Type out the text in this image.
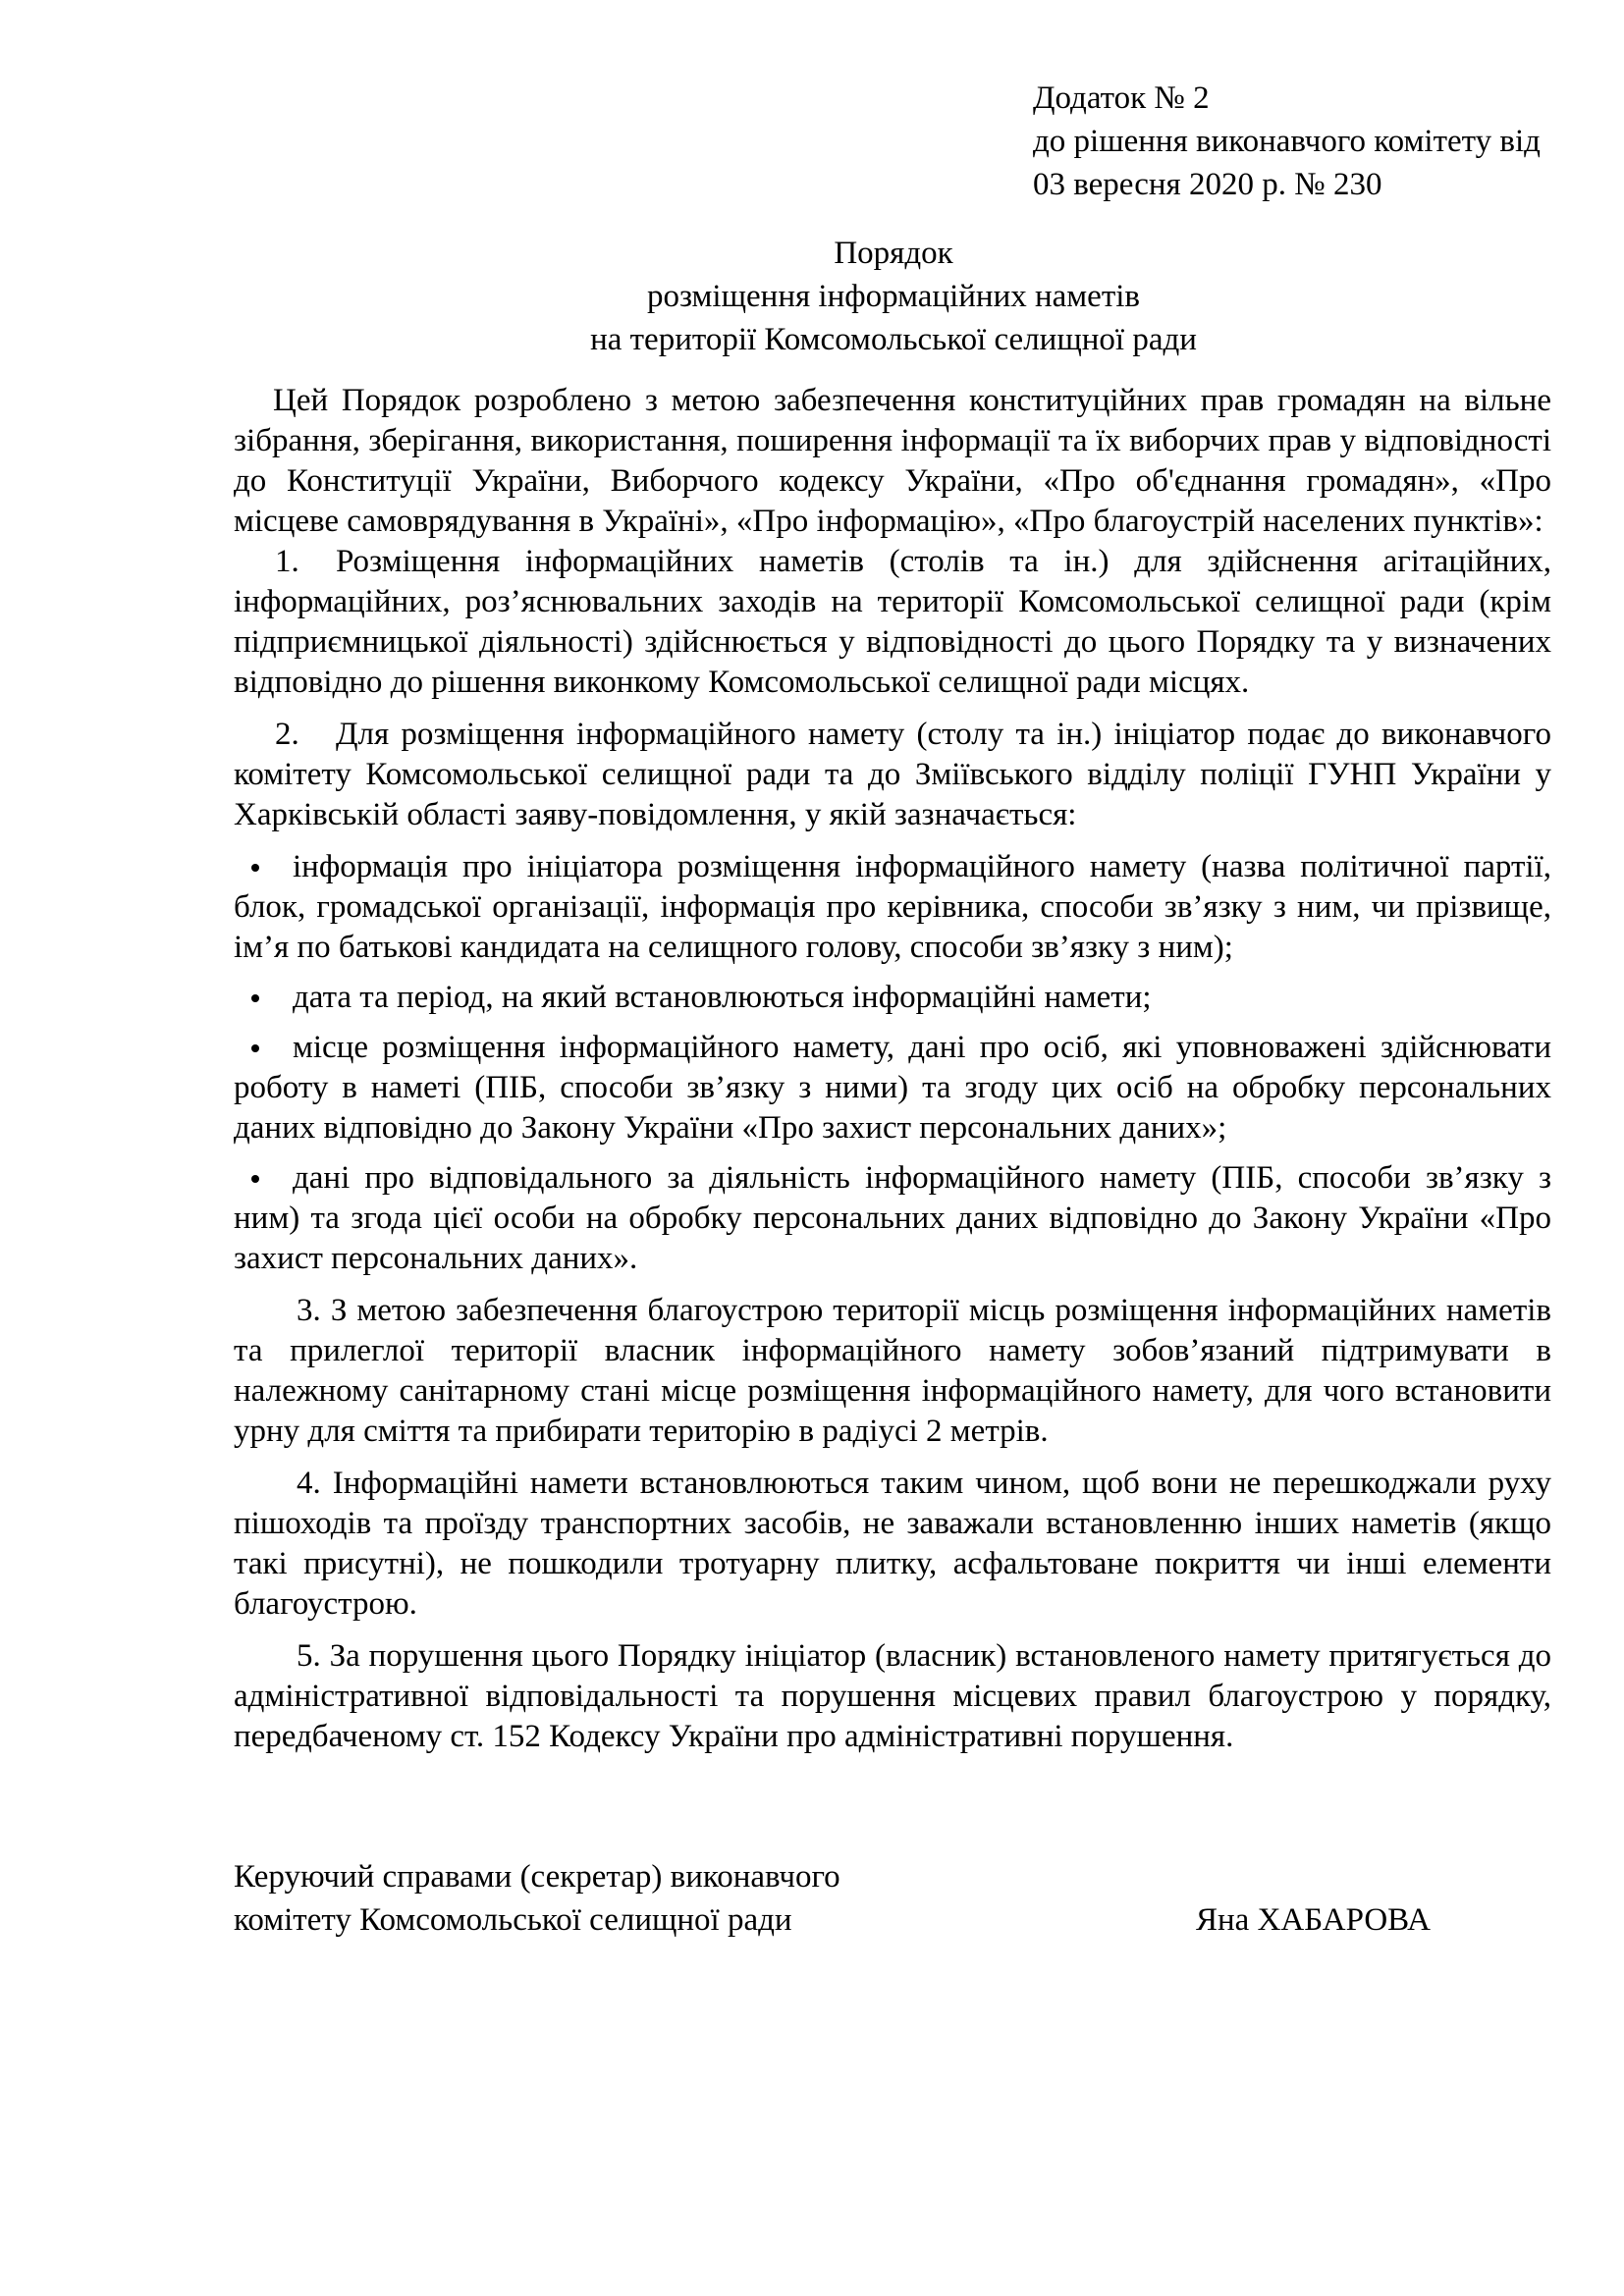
Додаток № 2
до рішення виконавчого комітету від
03 вересня 2020 р. № 230
Порядок
розміщення інформаційних наметів
на території Комсомольської селищної ради

Цей Порядок розроблено з метою забезпечення конституційних прав громадян на вільне зібрання, зберігання, використання, поширення інформації та їх виборчих прав у відповідності до Конституції України, Виборчого кодексу України, «Про об'єднання громадян», «Про місцеве самоврядування в Україні», «Про інформацію», «Про благоустрій населених пунктів»:

1. Розміщення інформаційних наметів (столів та ін.) для здійснення агітаційних, інформаційних, роз’яснювальних заходів на території Комсомольської селищної ради (крім підприємницької діяльності) здійснюється у відповідності до цього Порядку та у визначених відповідно до рішення виконкому Комсомольської селищної ради місцях.

2. Для розміщення інформаційного намету (столу та ін.) ініціатор подає до виконавчого комітету Комсомольської селищної ради та до Зміївського відділу поліції ГУНП України у Харківській області заяву-повідомлення, у якій зазначається:

інформація про ініціатора розміщення інформаційного намету (назва політичної партії, блок, громадської організації, інформація про керівника, способи зв’язку з ним, чи прізвище, ім’я по батькові кандидата на селищного голову, способи зв’язку з ним);

дата та період, на який встановлюються інформаційні намети;

місце розміщення інформаційного намету, дані про осіб, які уповноважені здійснювати роботу в наметі (ПІБ, способи зв’язку з ними) та згоду цих осіб на обробку персональних даних відповідно до Закону України «Про захист персональних даних»;

дані про відповідального за діяльність інформаційного намету (ПІБ, способи зв’язку з ним) та згода цієї особи на обробку персональних даних відповідно до Закону України «Про захист персональних даних».

3. З метою забезпечення благоустрою території місць розміщення інформаційних наметів та прилеглої території власник інформаційного намету зобов’язаний підтримувати в належному санітарному стані місце розміщення інформаційного намету, для чого встановити урну для сміття та прибирати територію в радіусі 2 метрів.

4. Інформаційні намети встановлюються таким чином, щоб вони не перешкоджали руху пішоходів та проїзду транспортних засобів, не заважали встановленню інших наметів (якщо такі присутні), не пошкодили тротуарну плитку, асфальтоване покриття чи інші елементи благоустрою.

5. За порушення цього Порядку ініціатор (власник) встановленого намету притягується до адміністративної відповідальності та порушення місцевих правил благоустрою у порядку, передбаченому ст. 152 Кодексу України про адміністративні порушення.

Керуючий справами (секретар) виконавчого
комітету Комсомольської селищної ради	Яна ХАБАРОВА
